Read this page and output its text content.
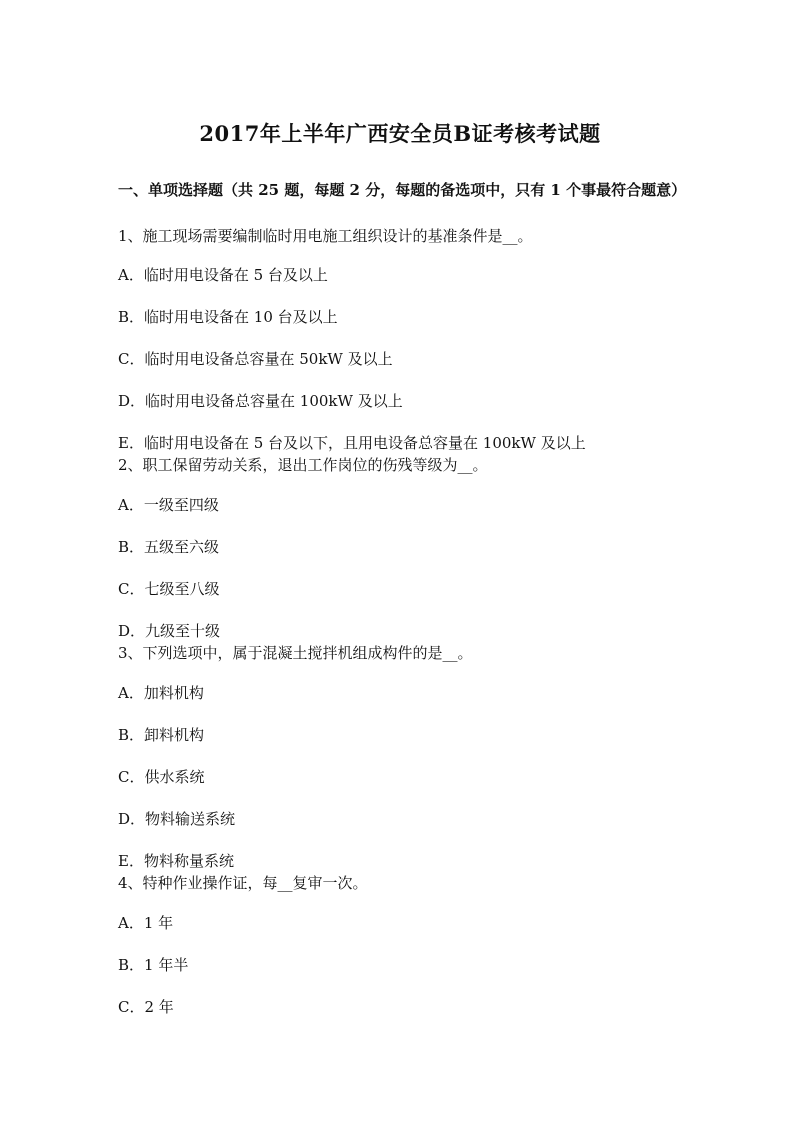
2017年上半年广西安全员B证考核考试题
一、单项选择题（共 25 题，每题 2 分，每题的备选项中，只有 1 个事最符合题意）
1、施工现场需要编制临时用电施工组织设计的基准条件是__。
A．临时用电设备在 5 台及以上
B．临时用电设备在 10 台及以上
C．临时用电设备总容量在 50kW 及以上
D．临时用电设备总容量在 100kW 及以上
E．临时用电设备在 5 台及以下，且用电设备总容量在 100kW 及以上
2、职工保留劳动关系，退出工作岗位的伤残等级为__。
A．一级至四级
B．五级至六级
C．七级至八级
D．九级至十级
3、下列选项中，属于混凝土搅拌机组成构件的是__。
A．加料机构
B．卸料机构
C．供水系统
D．物料输送系统
E．物料称量系统
4、特种作业操作证，每__复审一次。
A．1 年
B．1 年半
C．2 年
